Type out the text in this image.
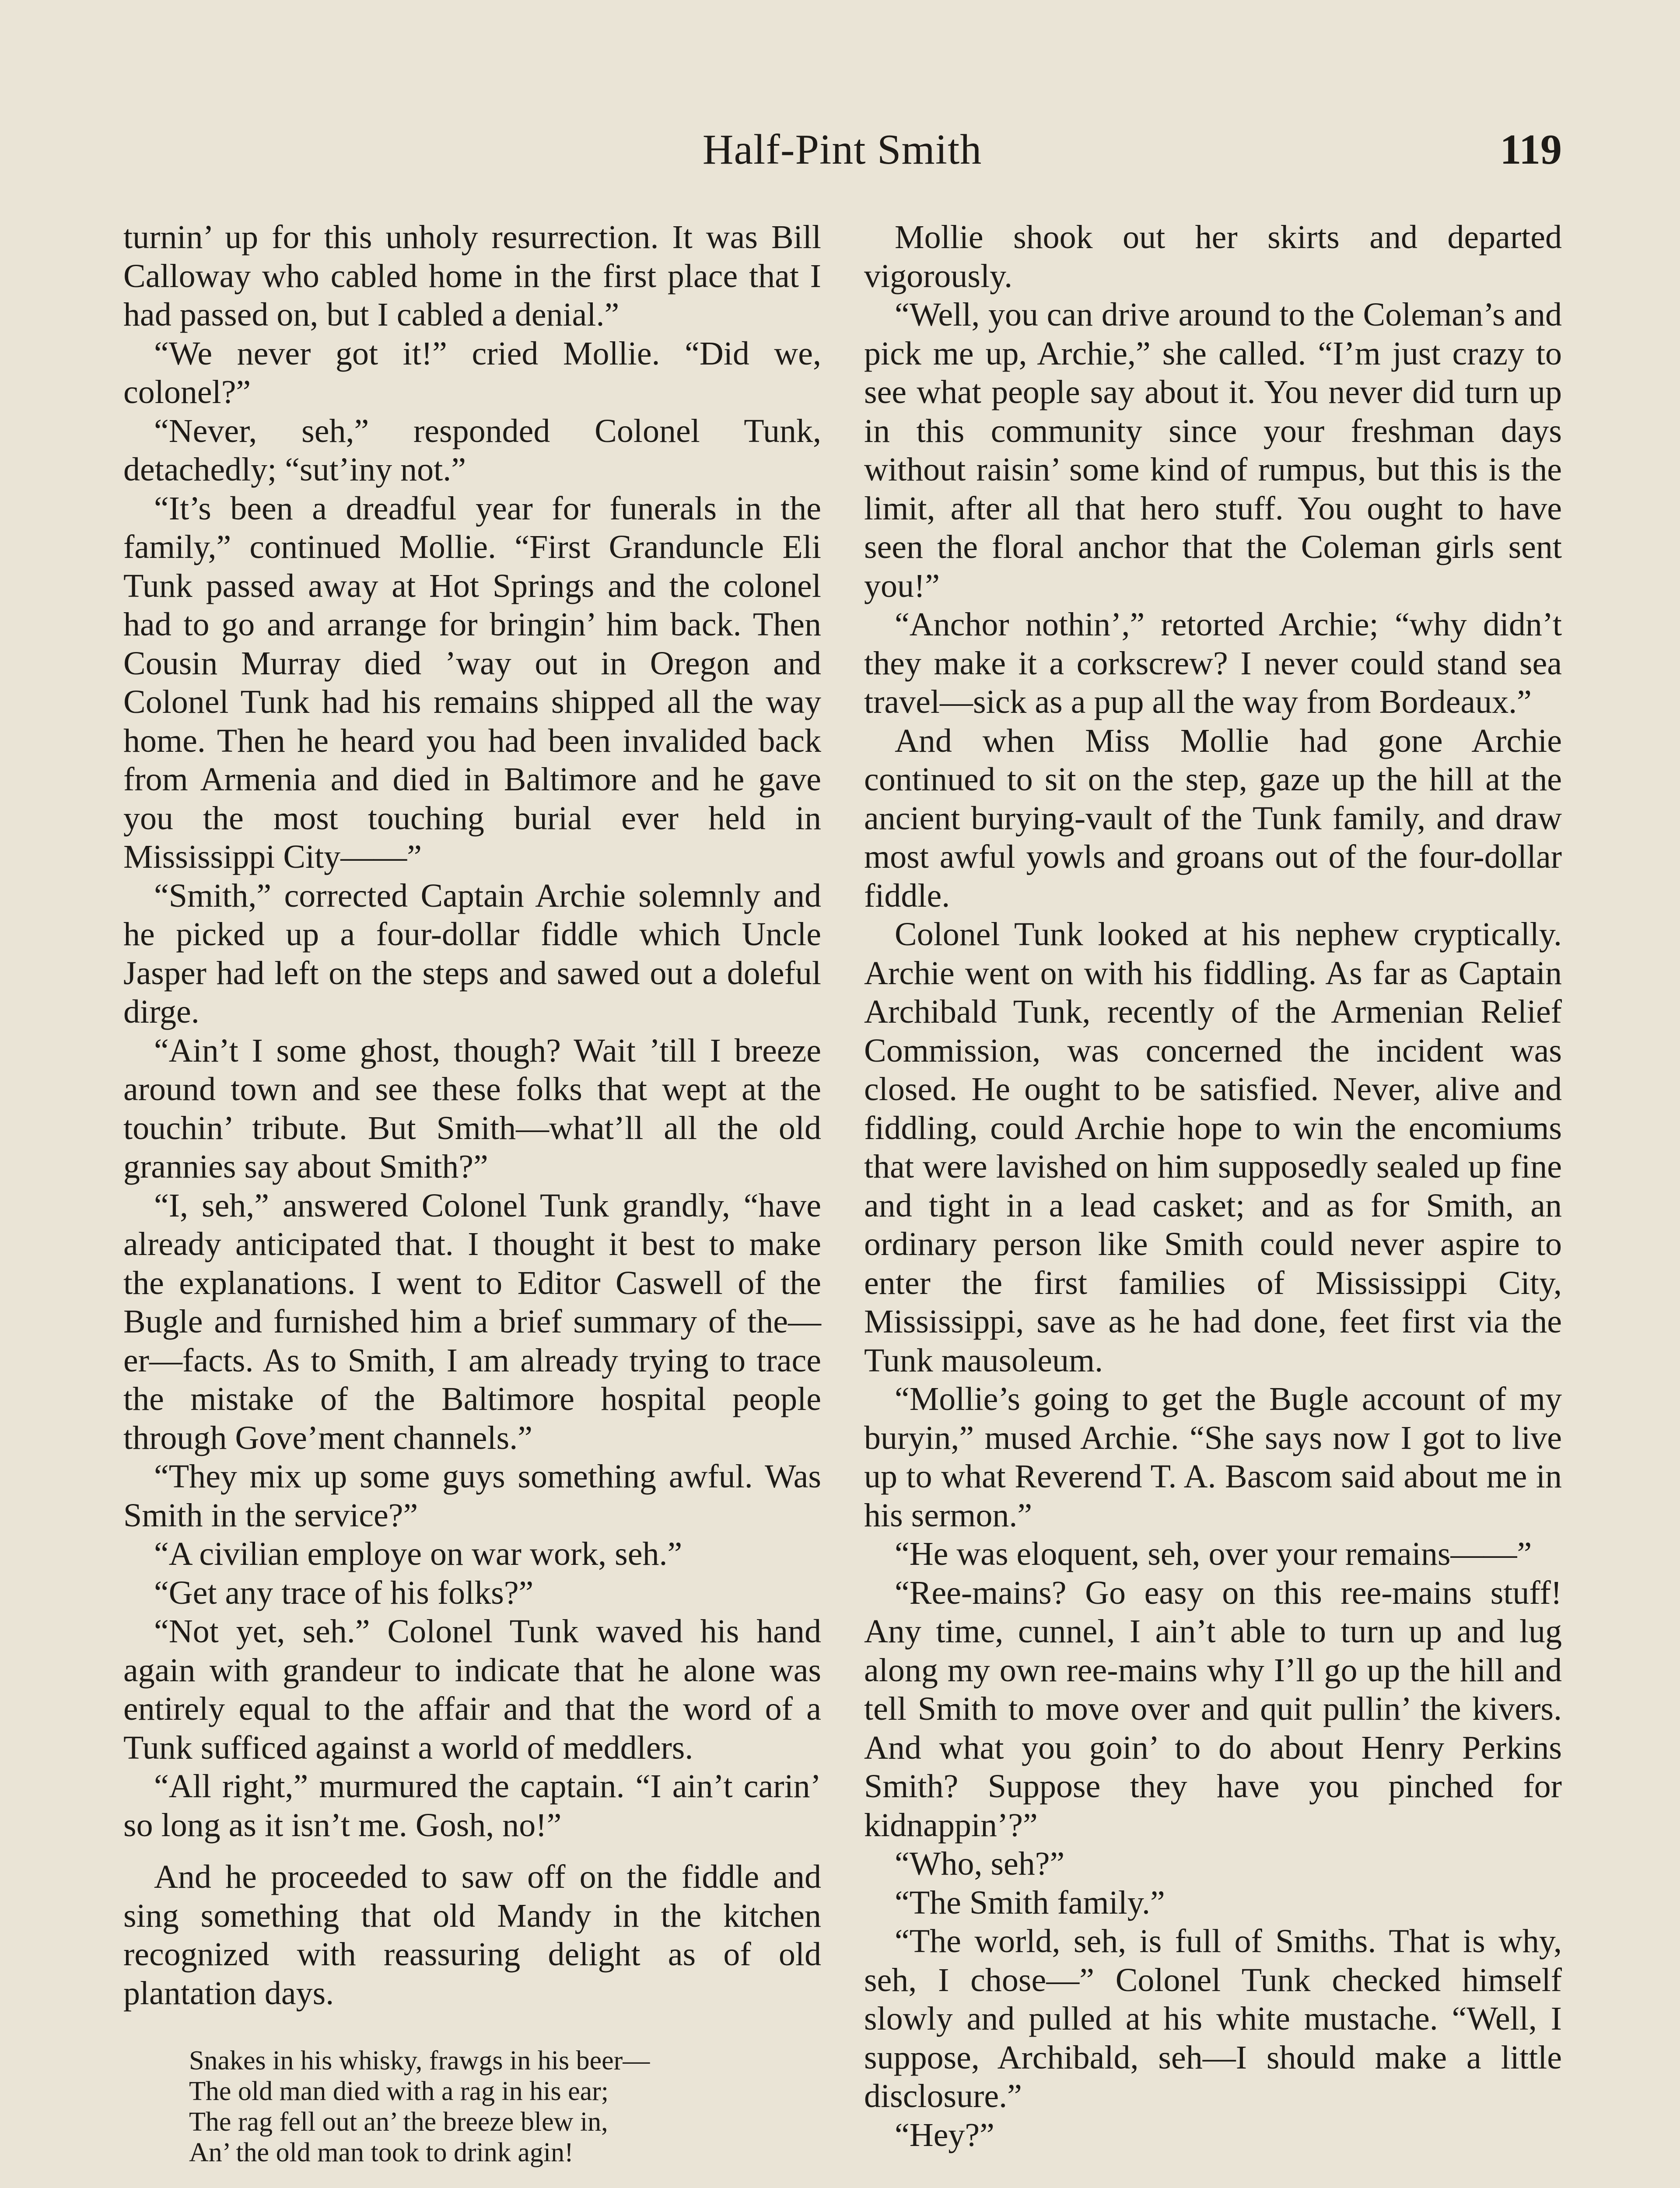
Half-Pint Smith	119

turnin’ up for this unholy resurrection. It was Bill Calloway who cabled home in the first place that I had passed on, but I cabled a denial.”

“We never got it!” cried Mollie. “Did we, colonel?”

“Never, seh,” responded Colonel Tunk, detachedly; “sut’iny not.”

“It’s been a dreadful year for funerals in the family,” continued Mollie. “First Granduncle Eli Tunk passed away at Hot Springs and the colonel had to go and arrange for bringin’ him back. Then Cousin Murray died ’way out in Oregon and Colonel Tunk had his remains shipped all the way home. Then he heard you had been invalided back from Armenia and died in Baltimore and he gave you the most touching burial ever held in Mississippi City——”

“Smith,” corrected Captain Archie solemnly and he picked up a four-dollar fiddle which Uncle Jasper had left on the steps and sawed out a doleful dirge.

“Ain’t I some ghost, though? Wait ’till I breeze around town and see these folks that wept at the touchin’ tribute. But Smith—what’ll all the old grannies say about Smith?”

“I, seh,” answered Colonel Tunk grandly, “have already anticipated that. I thought it best to make the explanations. I went to Editor Caswell of the Bugle and furnished him a brief summary of the—er—facts. As to Smith, I am already trying to trace the mistake of the Baltimore hospital people through Gove’ment channels.”

“They mix up some guys something awful. Was Smith in the service?”

“A civilian employe on war work, seh.”

“Get any trace of his folks?”

“Not yet, seh.” Colonel Tunk waved his hand again with grandeur to indicate that he alone was entirely equal to the affair and that the word of a Tunk sufficed against a world of meddlers.

“All right,” murmured the captain. “I ain’t carin’ so long as it isn’t me. Gosh, no!”

And he proceeded to saw off on the fiddle and sing something that old Mandy in the kitchen recognized with reassuring delight as of old plantation days.

Snakes in his whisky, frawgs in his beer—
The old man died with a rag in his ear;
The rag fell out an’ the breeze blew in,
An’ the old man took to drink agin!

Mollie shook out her skirts and departed vigorously.

“Well, you can drive around to the Coleman’s and pick me up, Archie,” she called. “I’m just crazy to see what people say about it. You never did turn up in this community since your freshman days without raisin’ some kind of rumpus, but this is the limit, after all that hero stuff. You ought to have seen the floral anchor that the Coleman girls sent you!”

“Anchor nothin’,” retorted Archie; “why didn’t they make it a corkscrew? I never could stand sea travel—sick as a pup all the way from Bordeaux.”

And when Miss Mollie had gone Archie continued to sit on the step, gaze up the hill at the ancient burying-vault of the Tunk family, and draw most awful yowls and groans out of the four-dollar fiddle.

Colonel Tunk looked at his nephew cryptically. Archie went on with his fiddling. As far as Captain Archibald Tunk, recently of the Armenian Relief Commission, was concerned the incident was closed. He ought to be satisfied. Never, alive and fiddling, could Archie hope to win the encomiums that were lavished on him supposedly sealed up fine and tight in a lead casket; and as for Smith, an ordinary person like Smith could never aspire to enter the first families of Mississippi City, Mississippi, save as he had done, feet first via the Tunk mausoleum.

“Mollie’s going to get the Bugle account of my buryin,” mused Archie. “She says now I got to live up to what Reverend T. A. Bascom said about me in his sermon.”

“He was eloquent, seh, over your remains——”

“Ree-mains? Go easy on this ree-mains stuff! Any time, cunnel, I ain’t able to turn up and lug along my own ree-mains why I’ll go up the hill and tell Smith to move over and quit pullin’ the kivers. And what you goin’ to do about Henry Perkins Smith? Suppose they have you pinched for kidnappin’?”

“Who, seh?”

“The Smith family.”

“The world, seh, is full of Smiths. That is why, seh, I chose—” Colonel Tunk checked himself slowly and pulled at his white mustache. “Well, I suppose, Archibald, seh—I should make a little disclosure.”

“Hey?”
